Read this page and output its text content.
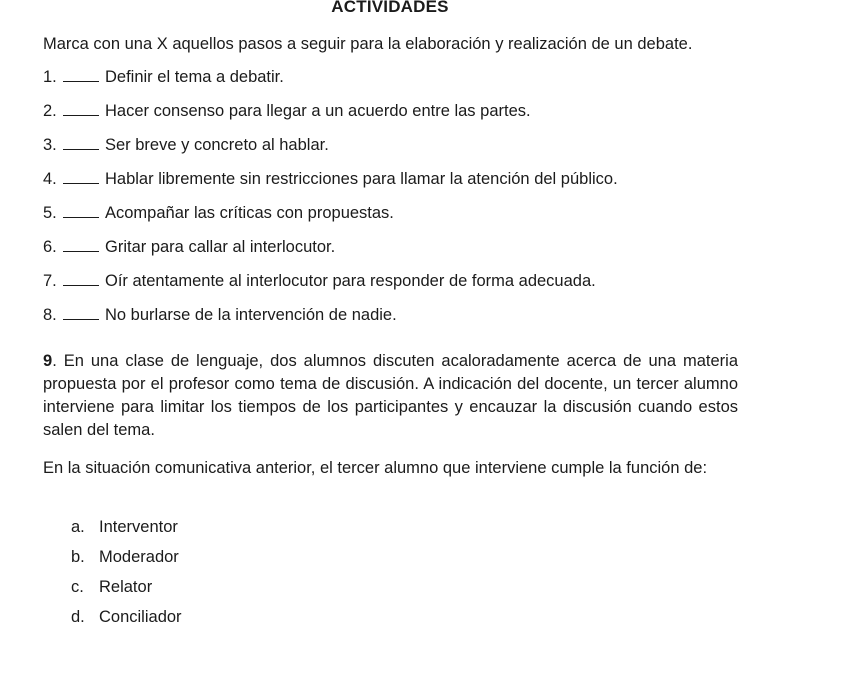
ACTIVIDADES
Marca con una X aquellos pasos a seguir para la elaboración y realización de un debate.
1.	Definir el tema a debatir.
2.	Hacer consenso para llegar a un acuerdo entre las partes.
3.	Ser breve y concreto al hablar.
4.	Hablar libremente sin restricciones para llamar la atención del público.
5.	Acompañar las críticas con propuestas.
6.	Gritar para callar al interlocutor.
7.	Oír atentamente al interlocutor para responder de forma adecuada.
8.	No burlarse de la intervención de nadie.
9. En una clase de lenguaje, dos alumnos discuten acaloradamente acerca de una materia propuesta por el profesor como tema de discusión. A indicación del docente, un tercer alumno interviene para limitar los tiempos de los participantes y encauzar la discusión cuando estos salen del tema.
En la situación comunicativa anterior, el tercer alumno que interviene cumple la función de:
a. Interventor
b. Moderador
c. Relator
d. Conciliador
